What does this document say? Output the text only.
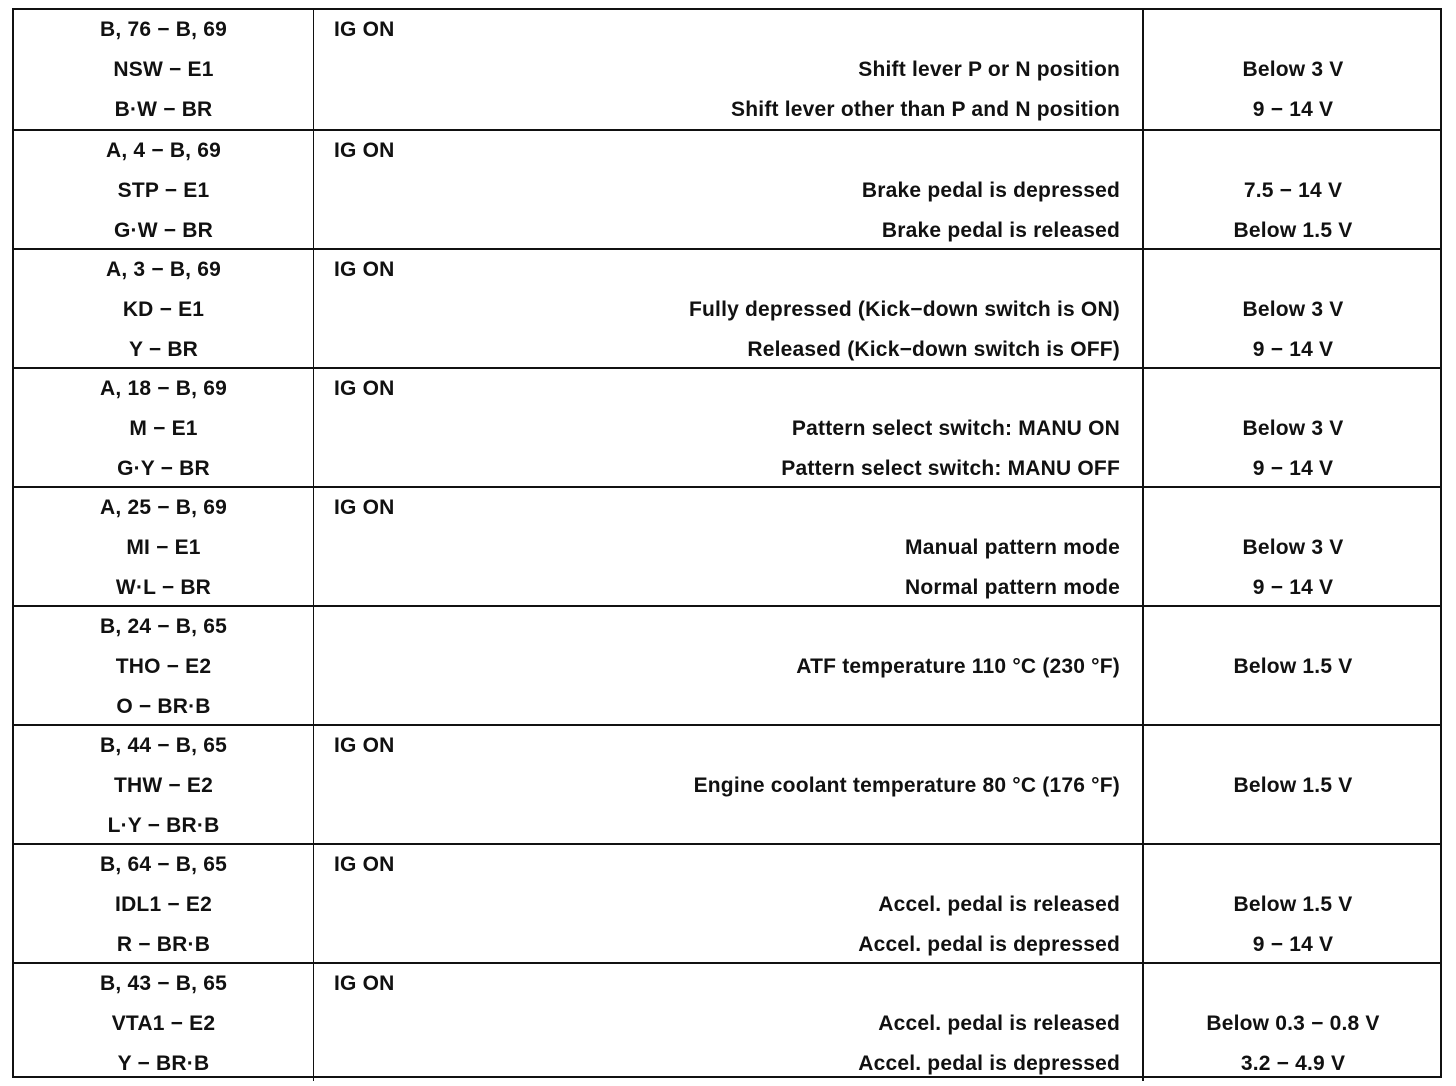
B, 76 − B, 69
NSW − E1
B·W − BR
IG ON
Shift lever P or N position
Shift lever other than P and N position
Below 3 V
9 − 14 V
A, 4 − B, 69
STP − E1
G·W − BR
IG ON
Brake pedal is depressed
Brake pedal is released
7.5 − 14 V
Below 1.5 V
A, 3 − B, 69
KD − E1
Y − BR
IG ON
Fully depressed (Kick−down switch is ON)
Released (Kick−down switch is OFF)
Below 3 V
9 − 14 V
A, 18 − B, 69
M − E1
G·Y − BR
IG ON
Pattern select switch: MANU ON
Pattern select switch: MANU OFF
Below 3 V
9 − 14 V
A, 25 − B, 69
MI − E1
W·L − BR
IG ON
Manual pattern mode
Normal pattern mode
Below 3 V
9 − 14 V
B, 24 − B, 65
THO − E2
O − BR·B
ATF temperature 110 °C (230 °F)	Below 1.5 V
B, 44 − B, 65
THW − E2
L·Y − BR·B
IG ON
Engine coolant temperature 80 °C (176 °F)	Below 1.5 V
B, 64 − B, 65
IDL1 − E2
R − BR·B
IG ON
Accel. pedal is released
Accel. pedal is depressed
Below 1.5 V
9 − 14 V
B, 43 − B, 65
VTA1 − E2
Y − BR·B
IG ON
Accel. pedal is released
Accel. pedal is depressed
Below 0.3 − 0.8 V
3.2 − 4.9 V
